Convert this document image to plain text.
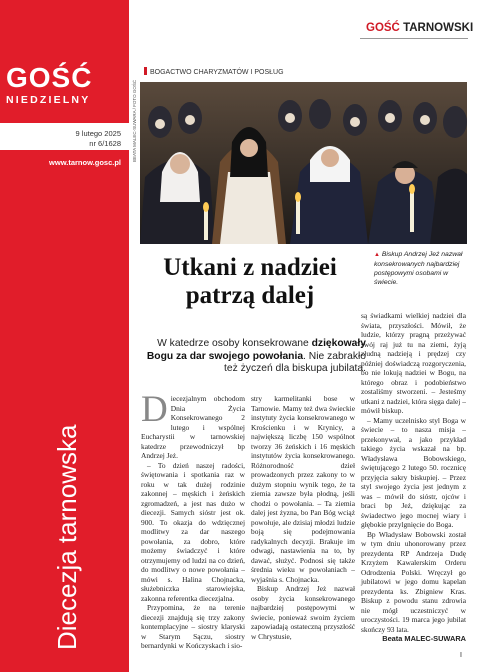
GOŚĆ
NIEDZIELNY
9 lutego 2025
nr 6/1628
www.tarnow.gosc.pl
Diecezja tarnowska
GOŚĆ TARNOWSKI
BOGACTWO CHARYZMATÓW I POSŁUG
BEATA MALEC-SUWARA / FOTO GOŚĆ
▲ Biskup Andrzej Jeż nazwał konsekrowanych najbardziej postępowymi osobami w świecie.
Utkani z nadziei
patrzą dalej
W katedrze osoby konsekrowane dziękowały Bogu za dar swojego powołania. Nie zabrakło też życzeń dla biskupa jubilata.

Diecezjalnym obchodom Dnia Życia Konsekrowanego 2 lutego i wspólnej Eucharystii w tarnowskiej katedrze przewodniczył bp Andrzej Jeż.

– To dzień naszej radości, świętowania i spotkania raz w roku w tak dużej rodzinie zakonnej – męskich i żeńskich zgromadzeń, a jest nas dużo w diecezji. Samych sióstr jest ok. 900. To okazja do wdzięcznej modlitwy za dar naszego powołania, za dobro, które możemy świadczyć i które otrzymujemy od ludzi na co dzień, do modlitwy o nowe powołania – mówi s. Halina Chojnacka, służebniczka starowiejska, zakonna referentka diecezjalna.

Przypomina, że na terenie diecezji znajdują się trzy zakony kontemplacyjne – siostry klaryski w Starym Sączu, siostry bernardynki w Kończyskach i sio-

stry karmelitanki bose w Tarnowie. Mamy też dwa świeckie instytuty życia konsekrowanego w Krościenku i w Krynicy, a największą liczbę 150 wspólnot tworzy 36 żeńskich i 16 męskich instytutów życia konsekrowanego. Różnorodność dzieł prowadzonych przez zakony to w dużym stopniu wynik tego, że ta ziemia zawsze była płodną, jeśli chodzi o powołania. – Ta ziemia dalej jest żyzna, bo Pan Bóg wciąż powołuje, ale dzisiaj młodzi ludzie boją się podejmowania radykalnych decyzji. Brakuje im odwagi, nastawienia na to, by dawać, służyć. Podnosi się także średnia wieku w powołaniach – wyjaśnia s. Chojnacka.

Biskup Andrzej Jeż nazwał osoby życia konsekrowanego najbardziej postępowymi w świecie, ponieważ swoim życiem zapowiadają ostateczną przyszłość w Chrystusie,

są świadkami wielkiej nadziei dla świata, przyszłości. Mówił, że ludzie, którzy pragną przeżywać swój raj już tu na ziemi, żyją złudną nadzieją i prędzej czy później doświadczą rozgoryczenia, bo nie lokują nadziei w Bogu, na którego obraz i podobieństwo zostaliśmy stworzeni. – Jesteśmy utkani z nadziei, która sięga dalej – mówił biskup.

– Mamy uczelnisko styl Boga w świecie – to nasza misja – przekonywał, a jako przykład takiego życia wskazał na bp. Władysława Bobowskiego, świętującego 2 lutego 50. rocznicę przyjęcia sakry biskupiej. – Przez styl swojego życia jest jednym z was – mówił do sióstr, ojców i braci bp Jeż, dziękując za świadectwo jego mocnej wiary i głębokie przylgnięcie do Boga.

Bp Władysław Bobowski został w tym dniu uhonorowany przez prezydenta RP Andrzeja Dudę Krzyżem Kawalerskim Orderu Odrodzenia Polski. Wręczył go jubilatowi w jego domu kapelan prezydenta ks. Zbigniew Kras. Biskup z powodu stanu zdrowia nie mógł uczestniczyć w uroczystości. 19 marca jego jubilat skończy 93 lata.

Beata MALEC-SUWARA
I
